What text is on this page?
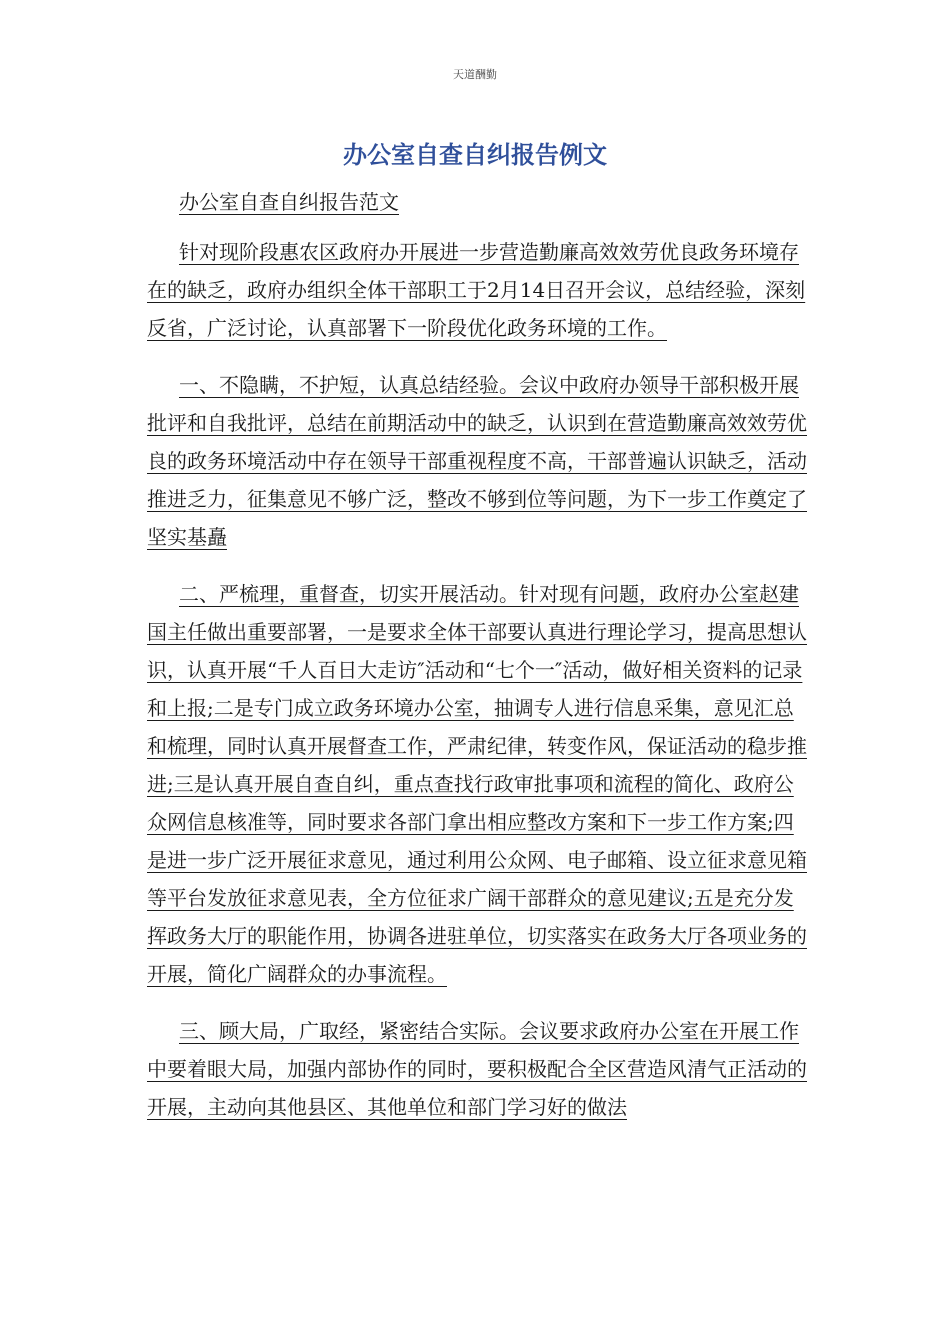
天道酬勤
办公室自查自纠报告例文

办公室自查自纠报告范文

针对现阶段惠农区政府办开展进一步营造勤廉高效效劳优良政务环境存在的缺乏，政府办组织全体干部职工于2月14日召开会议，总结经验，深刻反省，广泛讨论，认真部署下一阶段优化政务环境的工作。

一、不隐瞒，不护短，认真总结经验。会议中政府办领导干部积极开展批评和自我批评，总结在前期活动中的缺乏，认识到在营造勤廉高效效劳优良的政务环境活动中存在领导干部重视程度不高，干部普遍认识缺乏，活动推进乏力，征集意见不够广泛，整改不够到位等问题，为下一步工作奠定了坚实基矗

二、严梳理，重督查，切实开展活动。针对现有问题，政府办公室赵建国主任做出重要部署，一是要求全体干部要认真进行理论学习，提高思想认识，认真开展“千人百日大走访″活动和“七个一″活动，做好相关资料的记录和上报;二是专门成立政务环境办公室，抽调专人进行信息采集，意见汇总和梳理，同时认真开展督查工作，严肃纪律，转变作风，保证活动的稳步推进;三是认真开展自查自纠，重点查找行政审批事项和流程的简化、政府公众网信息核准等，同时要求各部门拿出相应整改方案和下一步工作方案;四是进一步广泛开展征求意见，通过利用公众网、电子邮箱、设立征求意见箱等平台发放征求意见表，全方位征求广阔干部群众的意见建议;五是充分发挥政务大厅的职能作用，协调各进驻单位，切实落实在政务大厅各项业务的开展，简化广阔群众的办事流程。

三、顾大局，广取经，紧密结合实际。会议要求政府办公室在开展工作中要着眼大局，加强内部协作的同时，要积极配合全区营造风清气正活动的开展，主动向其他县区、其他单位和部门学习好的做法
